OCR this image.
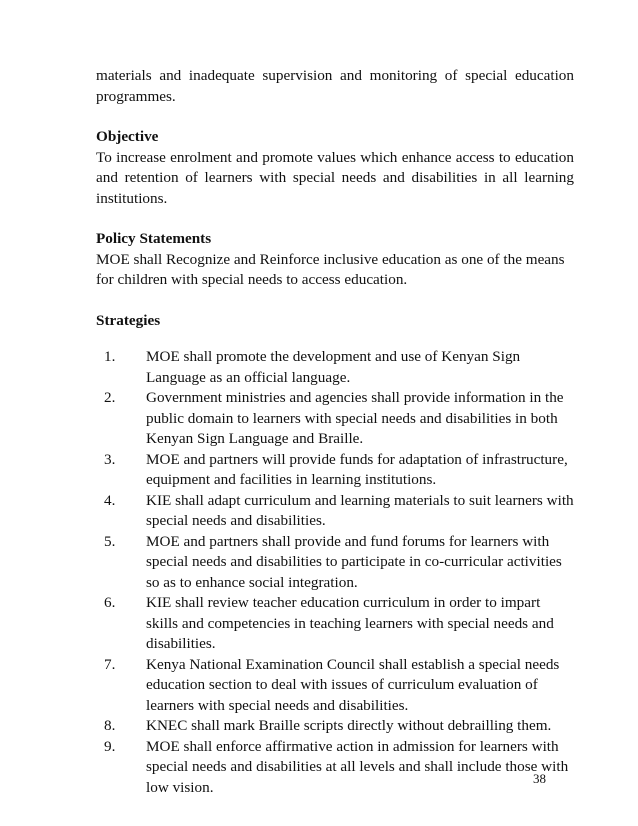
materials and inadequate supervision and monitoring of special education programmes.

Objective

To increase enrolment and promote values which enhance access to education and retention of learners with special needs and disabilities in all learning institutions.

Policy Statements

MOE shall Recognize and Reinforce inclusive education as one of the means for children with special needs to access education.

Strategies

1.	MOE shall promote the development and use of Kenyan Sign Language as an official language.
2.	Government ministries and agencies shall provide information in the public domain to learners with special needs and disabilities in both Kenyan Sign Language and Braille.
3.	MOE and partners will provide funds for adaptation of infrastructure, equipment and facilities in learning institutions.
4.	KIE shall adapt curriculum and learning materials to suit learners with special needs and disabilities.
5.	MOE and partners shall provide and fund forums for learners with special needs and disabilities to participate in co-curricular activities so as to enhance social integration.
6.	KIE shall review teacher education curriculum in order to impart skills and competencies in teaching learners with special needs and disabilities.
7.	Kenya National Examination Council shall establish a special needs education section to deal with issues of curriculum evaluation of learners with special needs and disabilities.
8.	KNEC shall mark Braille scripts directly without debrailling them.
9.	MOE shall enforce affirmative action in admission for learners with special needs and disabilities at all levels and shall include those with low vision.	38
